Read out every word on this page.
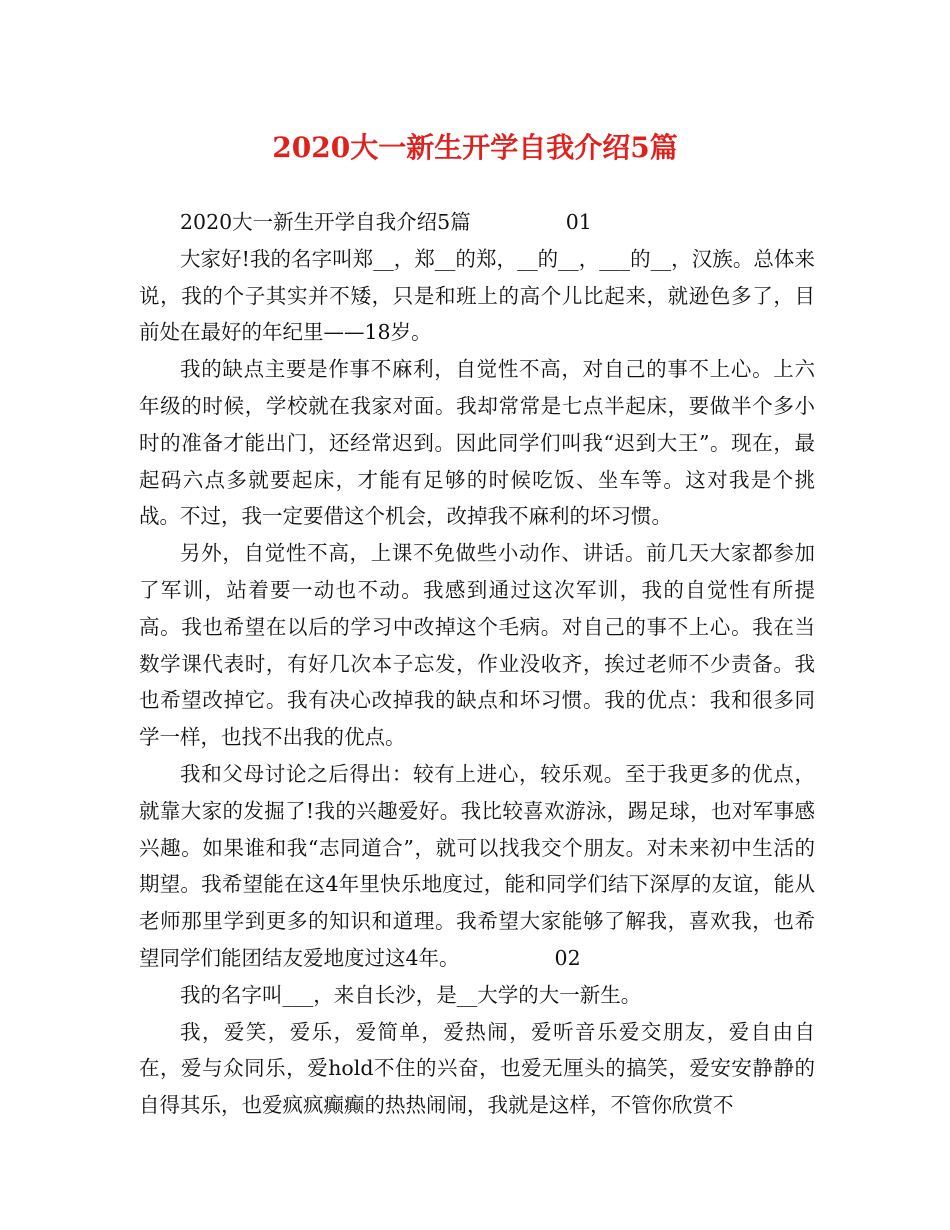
2020大一新生开学自我介绍5篇

2020大一新生开学自我介绍5篇	01

大家好!我的名字叫郑__，郑__的郑，__的__，___的__，汉族。总体来说，我的个子其实并不矮，只是和班上的高个儿比起来，就逊色多了，目前处在最好的年纪里——18岁。

我的缺点主要是作事不麻利，自觉性不高，对自己的事不上心。上六年级的时候，学校就在我家对面。我却常常是七点半起床，要做半个多小时的准备才能出门，还经常迟到。因此同学们叫我“迟到大王”。现在，最起码六点多就要起床，才能有足够的时候吃饭、坐车等。这对我是个挑战。不过，我一定要借这个机会，改掉我不麻利的坏习惯。

另外，自觉性不高，上课不免做些小动作、讲话。前几天大家都参加了军训，站着要一动也不动。我感到通过这次军训，我的自觉性有所提高。我也希望在以后的学习中改掉这个毛病。对自己的事不上心。我在当数学课代表时，有好几次本子忘发，作业没收齐，挨过老师不少责备。我也希望改掉它。我有决心改掉我的缺点和坏习惯。我的优点：我和很多同学一样，也找不出我的优点。

我和父母讨论之后得出：较有上进心，较乐观。至于我更多的优点，就靠大家的发掘了!我的兴趣爱好。我比较喜欢游泳，踢足球，也对军事感兴趣。如果谁和我“志同道合”，就可以找我交个朋友。对未来初中生活的期望。我希望能在这4年里快乐地度过，能和同学们结下深厚的友谊，能从老师那里学到更多的知识和道理。我希望大家能够了解我，喜欢我，也希望同学们能团结友爱地度过这4年。	02

我的名字叫___，来自长沙，是__大学的大一新生。

我，爱笑，爱乐，爱简单，爱热闹，爱听音乐爱交朋友，爱自由自在，爱与众同乐，爱hold不住的兴奋，也爱无厘头的搞笑，爱安安静静的自得其乐，也爱疯疯癫癫的热热闹闹，我就是这样，不管你欣赏不
